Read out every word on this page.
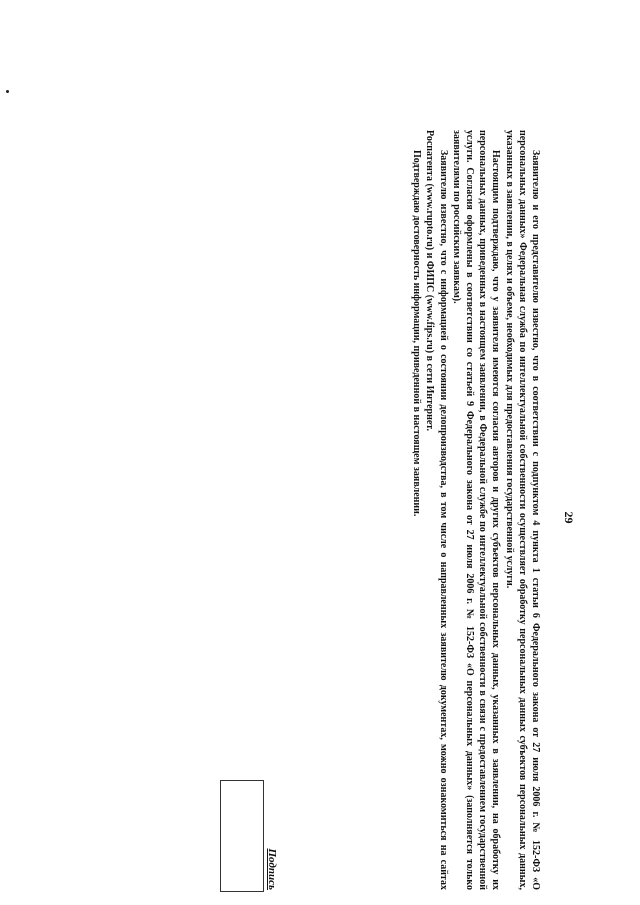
29

Заявителю и его представителю известно, что в соответствии с подпунктом 4 пункта 1 статьи 6 Федерального закона от 27 июля 2006 г. № 152-ФЗ «О персональных данных» Федеральная служба по интеллектуальной собственности осуществляет обработку персональных данных субъектов персональных данных, указанных в заявлении, в целях и объеме, необходимых для предоставления государственной услуги.

Настоящим подтверждаю, что у заявителя имеются согласия авторов и других субъектов персональных данных, указанных в заявлении, на обработку их персональных данных, приведенных в настоящем заявлении, в Федеральной службе по интеллектуальной собственности в связи с предоставлением государственной услуги. Согласия оформлены в соответствии со статьей 9 Федерального закона от 27 июля 2006 г. № 152-ФЗ «О персональных данных» (заполняется только заявителями по российским заявкам).

Заявителю известно, что с информацией о состоянии делопроизводства, в том числе о направленных заявителю документах, можно ознакомиться на сайтах Роспатента (www.rupto.ru) и ФИПС (www.fips.ru) в сети Интернет.

Подтверждаю достоверность информации, приведенной в настоящем заявлении.

Подпись
